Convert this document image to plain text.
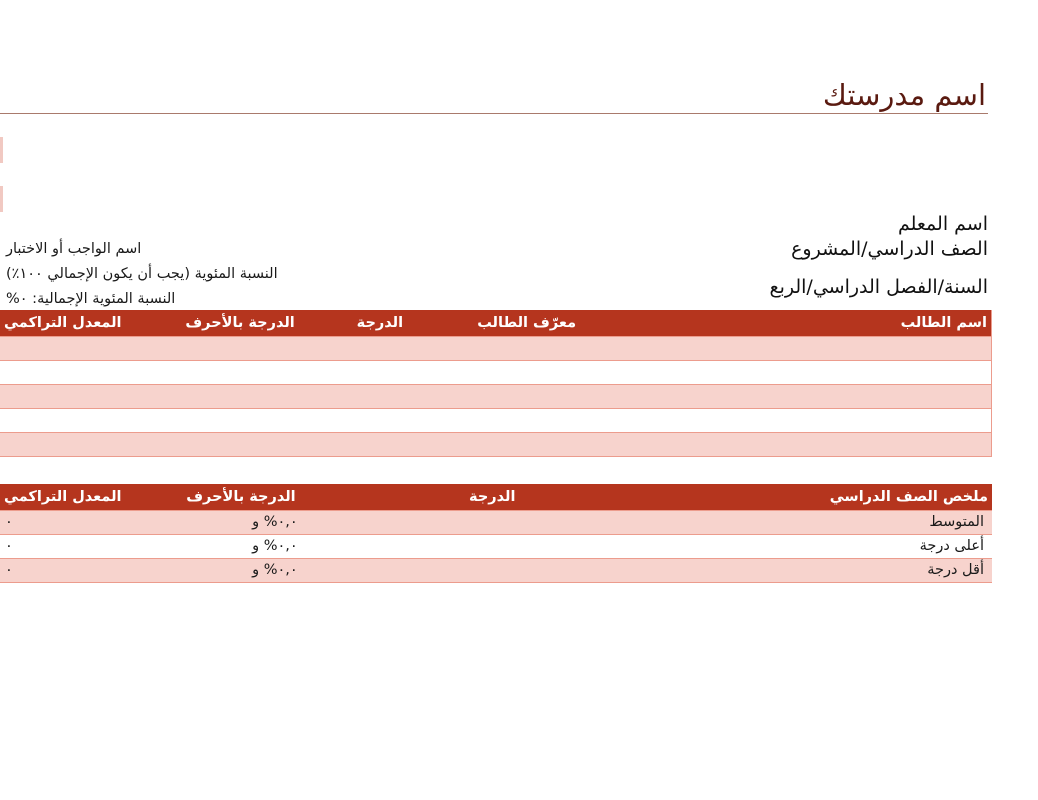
اسم مدرستك
اسم المعلم
الصف الدراسي/المشروع
السنة/الفصل الدراسي/الربع
اسم الواجب أو الاختبار
النسبة المئوية (يجب أن يكون الإجمالي ١٠٠٪)
النسبة المئوية الإجمالية: ٠%
اسم الطالب	معرّف الطالب	الدرجة	الدرجة بالأحرف	المعدل التراكمي

ملخص الصف الدراسي	الدرجة	الدرجة بالأحرف	المعدل التراكمي
المتوسط		٠,٠% و	٠
أعلى درجة		٠,٠% و	٠
أقل درجة		٠,٠% و	٠
